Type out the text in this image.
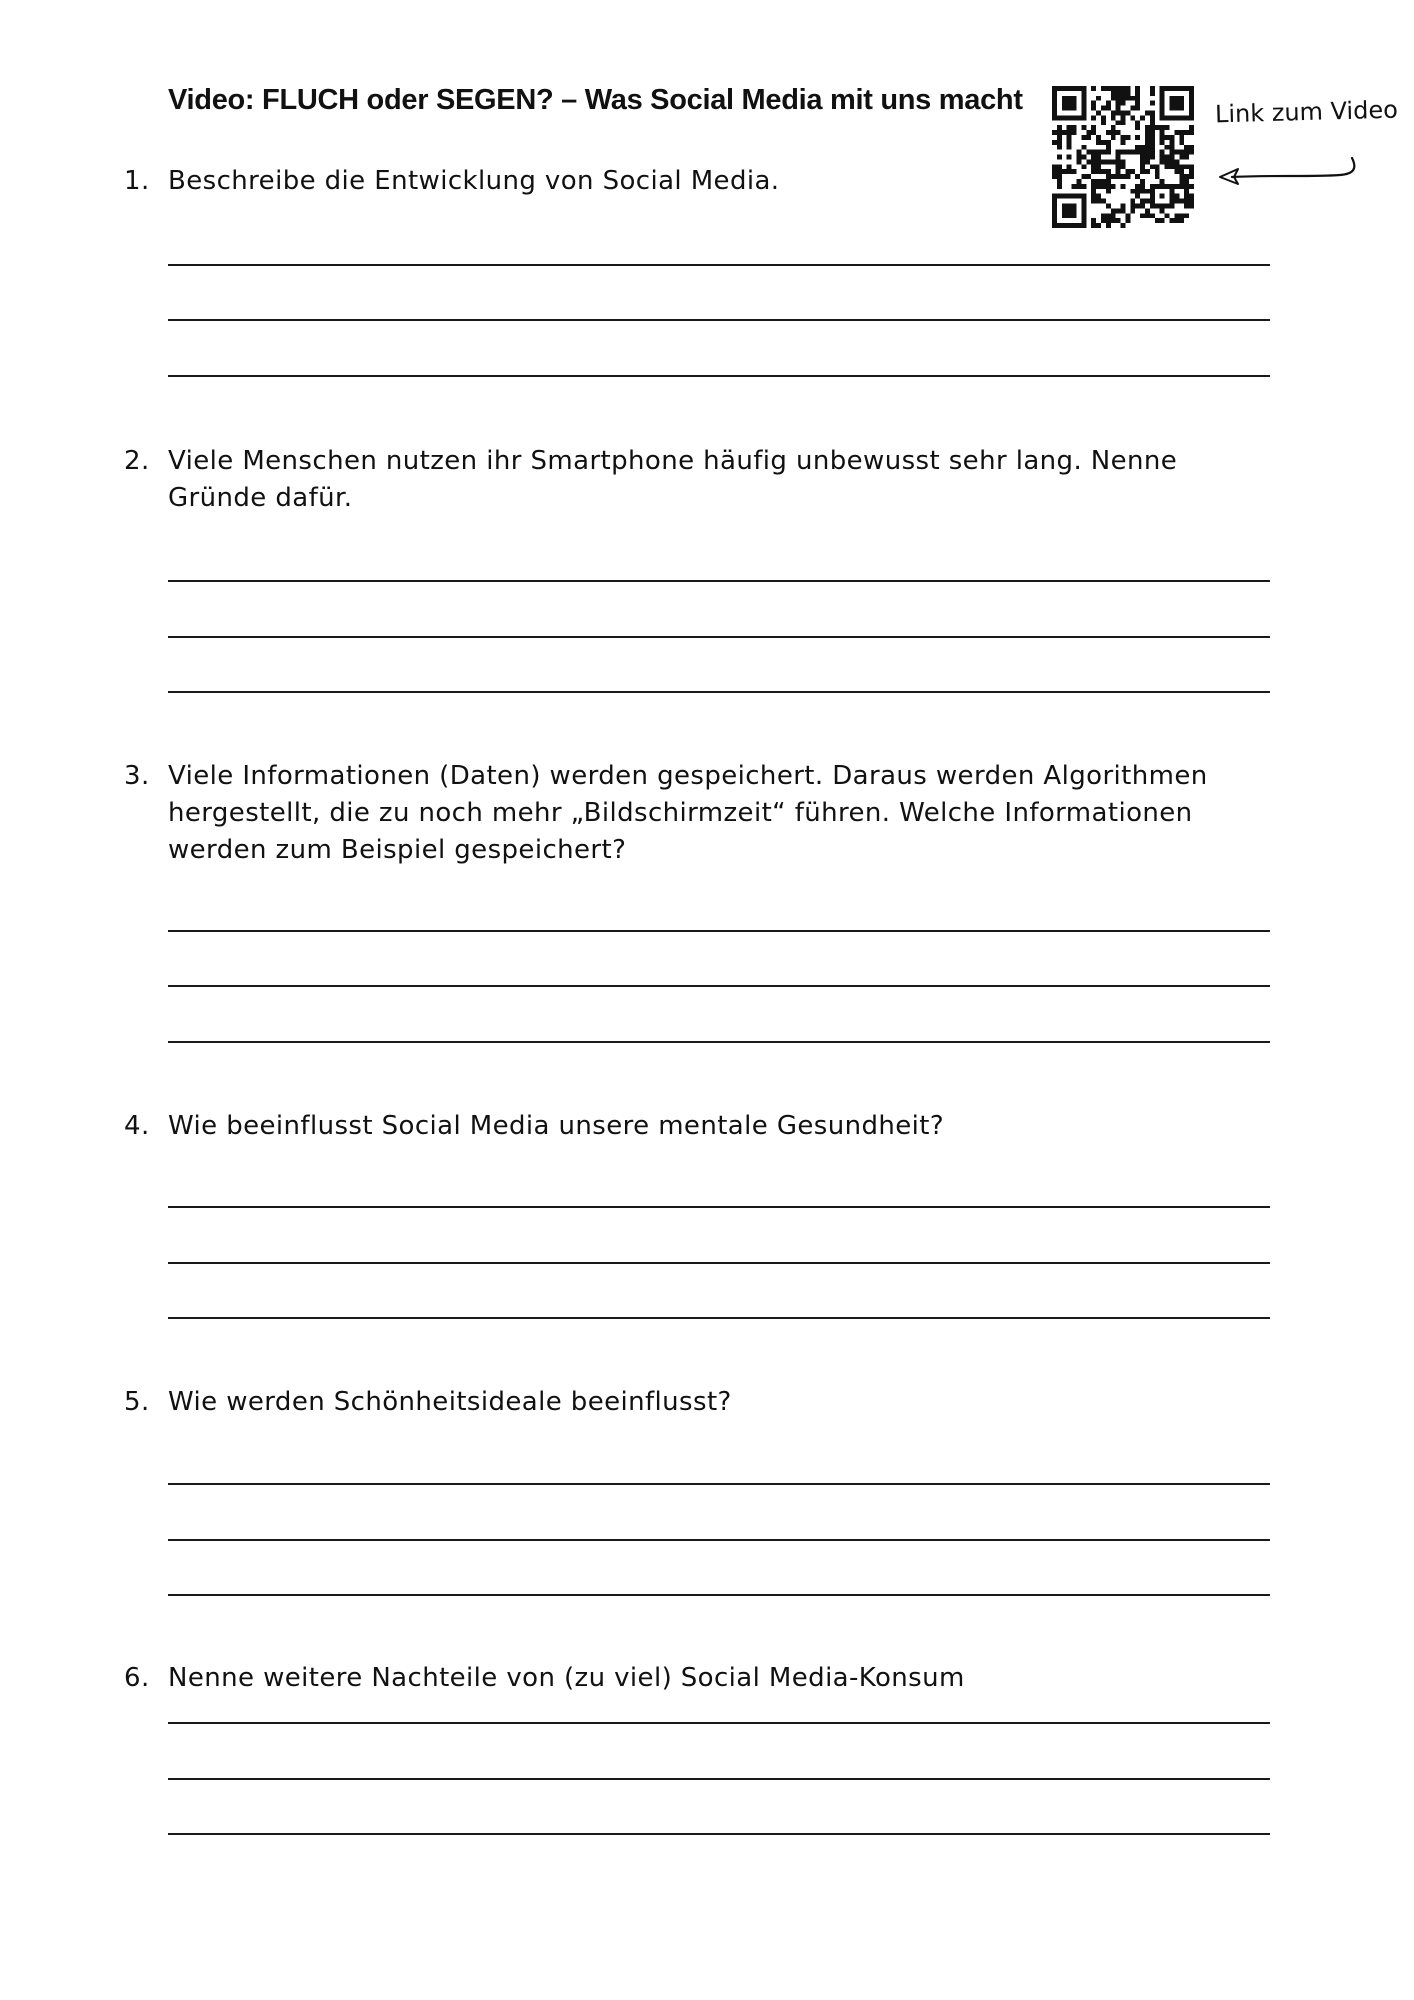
Video: FLUCH oder SEGEN? – Was Social Media mit uns macht	Link zum Video
1. Beschreibe die Entwicklung von Social Media.
2. Viele Menschen nutzen ihr Smartphone häufig unbewusst sehr lang. Nenne Gründe dafür.
3. Viele Informationen (Daten) werden gespeichert. Daraus werden Algorithmen hergestellt, die zu noch mehr „Bildschirmzeit“ führen. Welche Informationen werden zum Beispiel gespeichert?
4. Wie beeinflusst Social Media unsere mentale Gesundheit?
5. Wie werden Schönheitsideale beeinflusst?
6. Nenne weitere Nachteile von (zu viel) Social Media-Konsum
